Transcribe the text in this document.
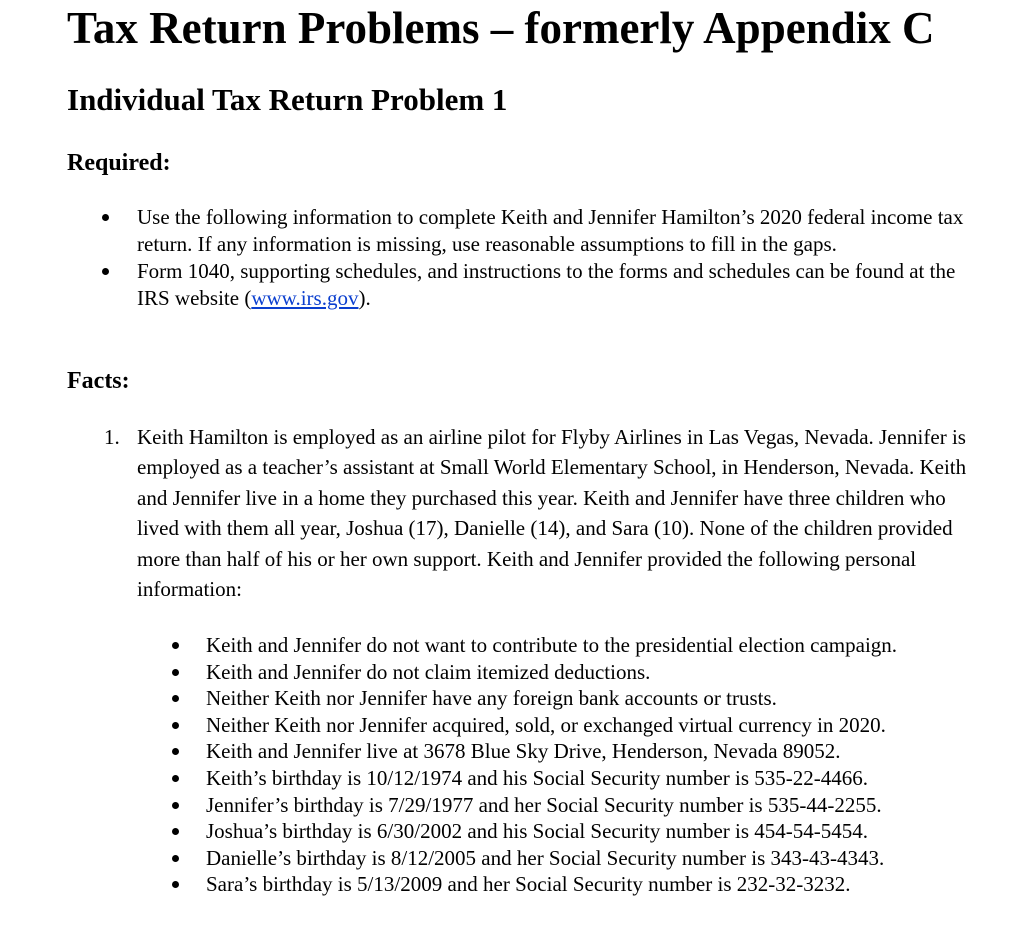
Tax Return Problems – formerly Appendix C
Individual Tax Return Problem 1
Required:
Use the following information to complete Keith and Jennifer Hamilton’s 2020 federal income tax return. If any information is missing, use reasonable assumptions to fill in the gaps.
Form 1040, supporting schedules, and instructions to the forms and schedules can be found at the IRS website (www.irs.gov).
Facts:
1. Keith Hamilton is employed as an airline pilot for Flyby Airlines in Las Vegas, Nevada. Jennifer is employed as a teacher’s assistant at Small World Elementary School, in Henderson, Nevada. Keith and Jennifer live in a home they purchased this year. Keith and Jennifer have three children who lived with them all year, Joshua (17), Danielle (14), and Sara (10). None of the children provided more than half of his or her own support. Keith and Jennifer provided the following personal information:
Keith and Jennifer do not want to contribute to the presidential election campaign.
Keith and Jennifer do not claim itemized deductions.
Neither Keith nor Jennifer have any foreign bank accounts or trusts.
Neither Keith nor Jennifer acquired, sold, or exchanged virtual currency in 2020.
Keith and Jennifer live at 3678 Blue Sky Drive, Henderson, Nevada 89052.
Keith’s birthday is 10/12/1974 and his Social Security number is 535-22-4466.
Jennifer’s birthday is 7/29/1977 and her Social Security number is 535-44-2255.
Joshua’s birthday is 6/30/2002 and his Social Security number is 454-54-5454.
Danielle’s birthday is 8/12/2005 and her Social Security number is 343-43-4343.
Sara’s birthday is 5/13/2009 and her Social Security number is 232-32-3232.
